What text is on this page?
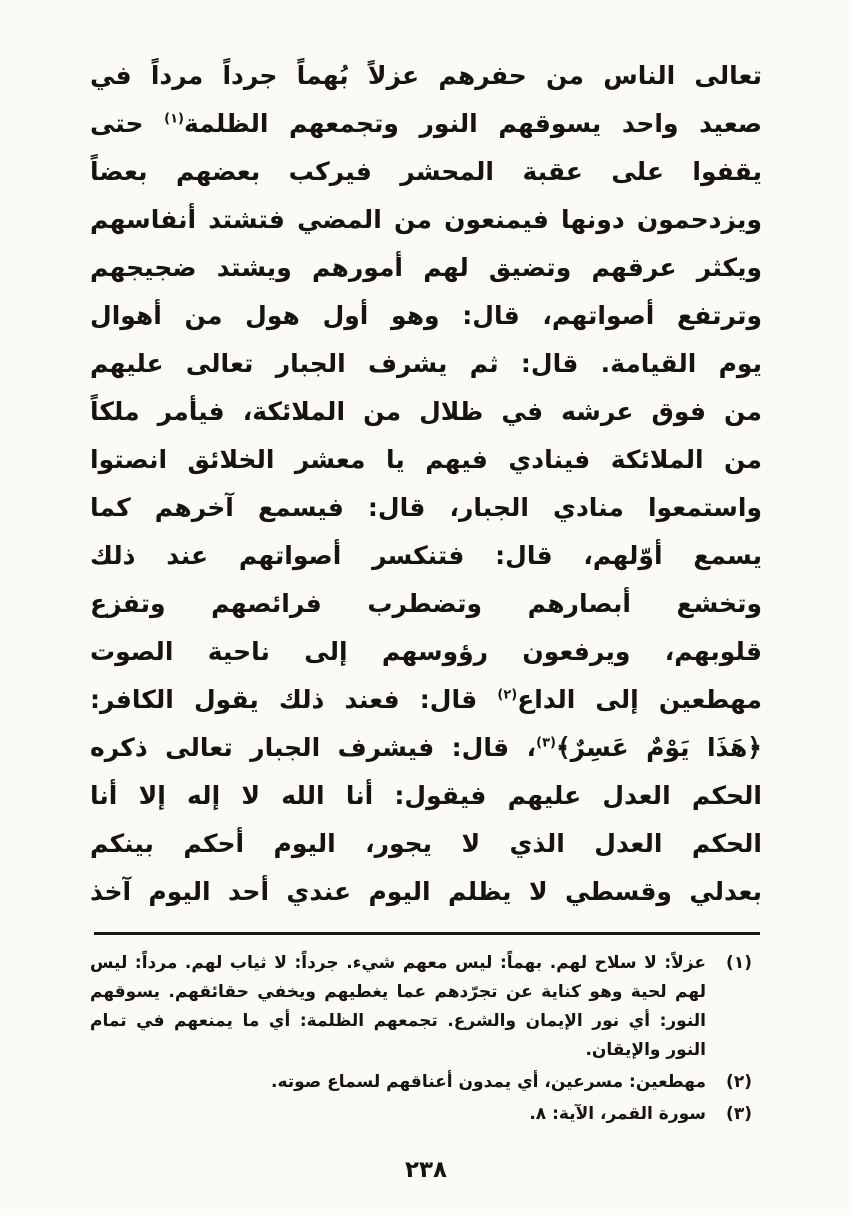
تعالى الناس من حفرهم عزلاً بُهماً جرداً مرداً في
صعيد واحد يسوقهم النور وتجمعهم الظلمة$^{(١)}$ حتى
يقفوا على عقبة المحشر فيركب بعضهم بعضاً
ويزدحمون دونها فيمنعون من المضي فتشتد أنفاسهم
ويكثر عرقهم وتضيق لهم أمورهم ويشتد ضجيجهم
وترتفع أصواتهم، قال: وهو أول هول من أهوال
يوم القيامة. قال: ثم يشرف الجبار تعالى عليهم
من فوق عرشه في ظلال من الملائكة، فيأمر ملكاً
من الملائكة فينادي فيهم يا معشر الخلائق انصتوا
واستمعوا منادي الجبار، قال: فيسمع آخرهم كما
يسمع أوّلهم، قال: فتنكسر أصواتهم عند ذلك
وتخشع أبصارهم وتضطرب فرائصهم وتفزع
قلوبهم، ويرفعون رؤوسهم إلى ناحية الصوت
مهطعين إلى الداع$^{(٢)}$ قال: فعند ذلك يقول الكافر:
﴿هَذَا يَوْمٌ عَسِرٌ﴾$^{(٣)}$، قال: فيشرف الجبار تعالى ذكره
الحكم العدل عليهم فيقول: أنا الله لا إله إلا أنا
الحكم العدل الذي لا يجور، اليوم أحكم بينكم
بعدلي وقسطي لا يظلم اليوم عندي أحد اليوم آخذ
(١)
عزلاً: لا سلاح لهم. بهماً: ليس معهم شيء. جرداً: لا ثياب لهم. مرداً: ليس لهم لحية وهو كناية عن تجرّدهم عما يغطيهم ويخفي حقائقهم. يسوقهم النور: أي نور الإيمان والشرع. تجمعهم الظلمة: أي ما يمنعهم في تمام النور والإيقان.
(٢)
مهطعين: مسرعين، أي يمدون أعناقهم لسماع صوته.
(٣)
سورة القمر، الآية: ٨.
٢٣٨
